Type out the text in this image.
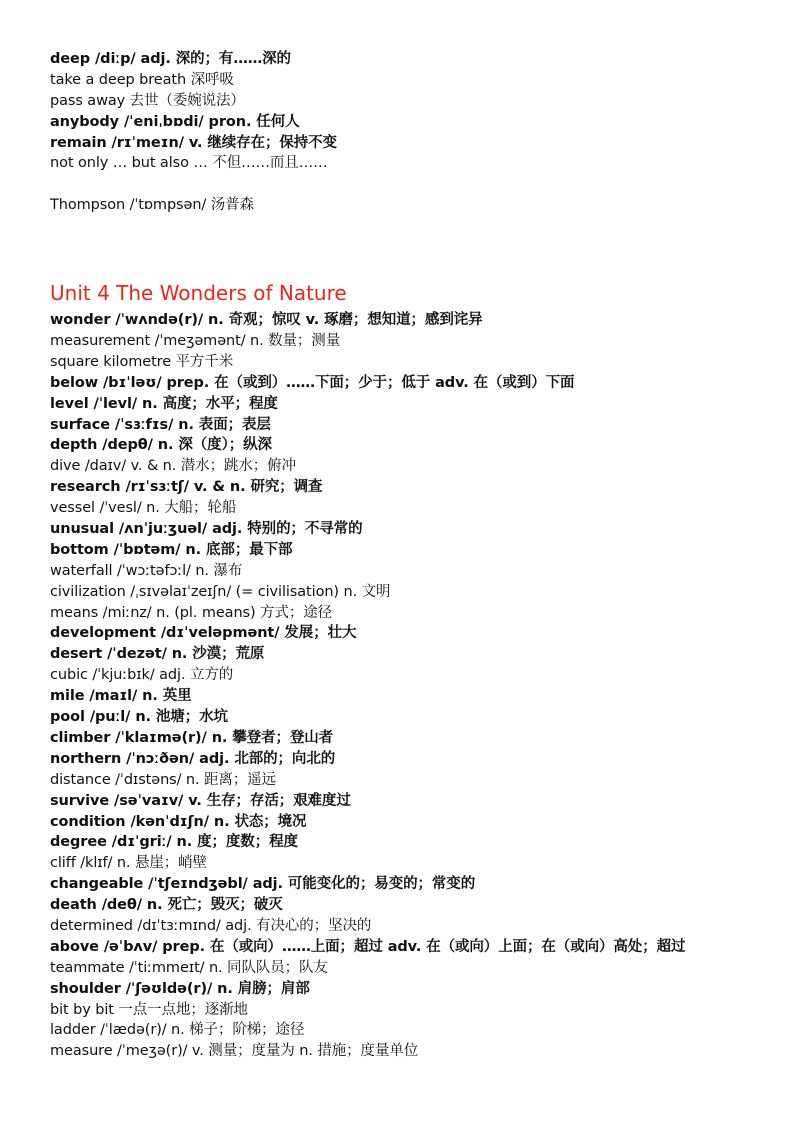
deep /diːp/ adj. 深的；有……深的
take a deep breath 深呼吸
pass away 去世（委婉说法）
anybody /ˈeniˌbɒdi/ pron. 任何人
remain /rɪˈmeɪn/ v. 继续存在；保持不变
not only … but also … 不但……而且……
Thompson /ˈtɒmpsən/ 汤普森
Unit 4 The Wonders of Nature
wonder /ˈwʌndə(r)/ n. 奇观；惊叹 v. 琢磨；想知道；感到诧异
measurement /ˈmeʒəmənt/ n. 数量；测量
square kilometre 平方千米
below /bɪˈləʊ/ prep. 在（或到）……下面；少于；低于 adv. 在（或到）下面
level /ˈlevl/ n. 高度；水平；程度
surface /ˈsɜːfɪs/ n. 表面；表层
depth /depθ/ n. 深（度）；纵深
dive /daɪv/ v. & n. 潜水；跳水；俯冲
research /rɪˈsɜːtʃ/ v. & n. 研究；调查
vessel /ˈvesl/ n. 大船；轮船
unusual /ʌnˈjuːʒuəl/ adj. 特别的；不寻常的
bottom /ˈbɒtəm/ n. 底部；最下部
waterfall /ˈwɔːtəfɔːl/ n. 瀑布
civilization /ˌsɪvəlaɪˈzeɪʃn/ (= civilisation) n. 文明
means /miːnz/ n. (pl. means) 方式；途径
development /dɪˈveləpmənt/ 发展；壮大
desert /ˈdezət/ n. 沙漠；荒原
cubic /ˈkjuːbɪk/ adj. 立方的
mile /maɪl/ n. 英里
pool /puːl/ n. 池塘；水坑
climber /ˈklaɪmə(r)/ n. 攀登者；登山者
northern /ˈnɔːðən/ adj. 北部的；向北的
distance /ˈdɪstəns/ n. 距离；遥远
survive /səˈvaɪv/ v. 生存；存活；艰难度过
condition /kənˈdɪʃn/ n. 状态；境况
degree /dɪˈgriː/ n. 度；度数；程度
cliff /klɪf/ n. 悬崖；峭壁
changeable /ˈtʃeɪndʒəbl/ adj. 可能变化的；易变的；常变的
death /deθ/ n. 死亡；毁灭；破灭
determined /dɪˈtɜːmɪnd/ adj. 有决心的；坚决的
above /əˈbʌv/ prep. 在（或向）……上面；超过 adv. 在（或向）上面；在（或向）高处；超过
teammate /ˈtiːmmeɪt/ n. 同队队员；队友
shoulder /ˈʃəʊldə(r)/ n. 肩膀；肩部
bit by bit 一点一点地；逐渐地
ladder /ˈlædə(r)/ n. 梯子；阶梯；途径
measure /ˈmeʒə(r)/ v. 测量；度量为 n. 措施；度量单位
